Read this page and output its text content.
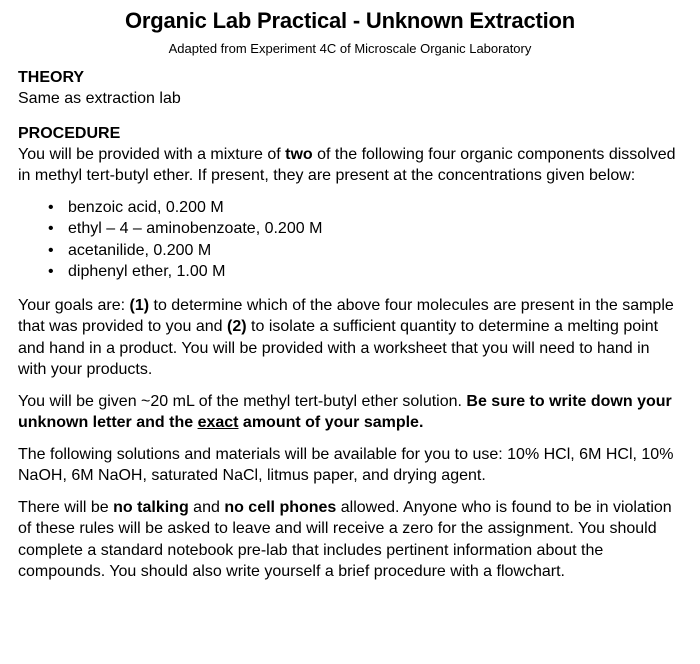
Organic Lab Practical - Unknown Extraction

Adapted from Experiment 4C of Microscale Organic Laboratory

THEORY

Same as extraction lab

PROCEDURE

You will be provided with a mixture of two of the following four organic components dissolved in methyl tert-butyl ether. If present, they are present at the concentrations given below:

• benzoic acid, 0.200 M
• ethyl – 4 – aminobenzoate, 0.200 M
• acetanilide, 0.200 M
• diphenyl ether, 1.00 M

Your goals are: (1) to determine which of the above four molecules are present in the sample that was provided to you and (2) to isolate a sufficient quantity to determine a melting point and hand in a product. You will be provided with a worksheet that you will need to hand in with your products.

You will be given ~20 mL of the methyl tert-butyl ether solution. Be sure to write down your unknown letter and the exact amount of your sample.

The following solutions and materials will be available for you to use: 10% HCl, 6M HCl, 10% NaOH, 6M NaOH, saturated NaCl, litmus paper, and drying agent.

There will be no talking and no cell phones allowed. Anyone who is found to be in violation of these rules will be asked to leave and will receive a zero for the assignment. You should complete a standard notebook pre-lab that includes pertinent information about the compounds. You should also write yourself a brief procedure with a flowchart.
